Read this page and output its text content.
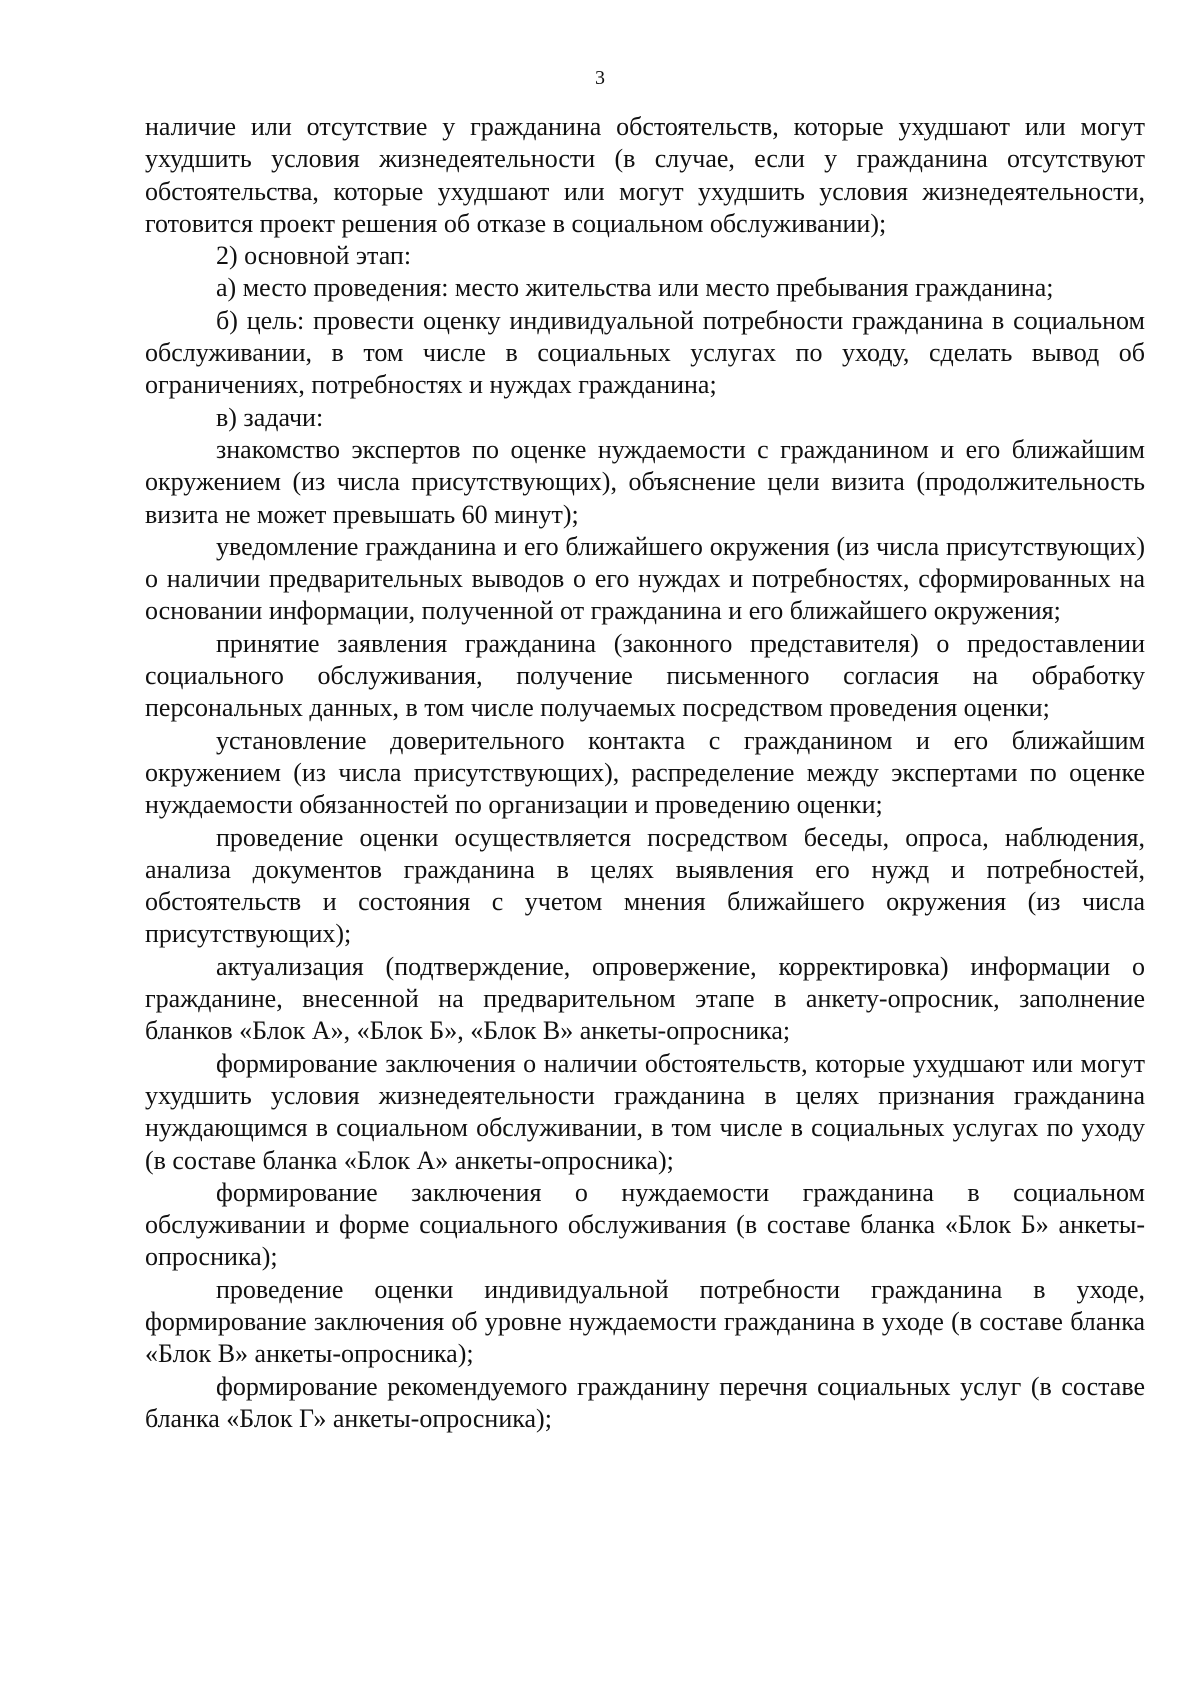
3

наличие или отсутствие у гражданина обстоятельств, которые ухудшают или могут ухудшить условия жизнедеятельности (в случае, если у гражданина отсутствуют обстоятельства, которые ухудшают или могут ухудшить условия жизнедеятельности, готовится проект решения об отказе в социальном обслуживании);

2) основной этап:

а) место проведения: место жительства или место пребывания гражданина;

б) цель: провести оценку индивидуальной потребности гражданина в социальном обслуживании, в том числе в социальных услугах по уходу, сделать вывод об ограничениях, потребностях и нуждах гражданина;

в) задачи:

знакомство экспертов по оценке нуждаемости с гражданином и его ближайшим окружением (из числа присутствующих), объяснение цели визита (продолжительность визита не может превышать 60 минут);

уведомление гражданина и его ближайшего окружения (из числа присутствующих) о наличии предварительных выводов о его нуждах и потребностях, сформированных на основании информации, полученной от гражданина и его ближайшего окружения;

принятие заявления гражданина (законного представителя) о предоставлении социального обслуживания, получение письменного согласия на обработку персональных данных, в том числе получаемых посредством проведения оценки;

установление доверительного контакта с гражданином и его ближайшим окружением (из числа присутствующих), распределение между экспертами по оценке нуждаемости обязанностей по организации и проведению оценки;

проведение оценки осуществляется посредством беседы, опроса, наблюдения, анализа документов гражданина в целях выявления его нужд и потребностей, обстоятельств и состояния с учетом мнения ближайшего окружения (из числа присутствующих);

актуализация (подтверждение, опровержение, корректировка) информации о гражданине, внесенной на предварительном этапе в анкету-опросник, заполнение бланков «Блок А», «Блок Б», «Блок В» анкеты-опросника;

формирование заключения о наличии обстоятельств, которые ухудшают или могут ухудшить условия жизнедеятельности гражданина в целях признания гражданина нуждающимся в социальном обслуживании, в том числе в социальных услугах по уходу (в составе бланка «Блок А» анкеты-опросника);

формирование заключения о нуждаемости гражданина в социальном обслуживании и форме социального обслуживания (в составе бланка «Блок Б» анкеты-опросника);

проведение оценки индивидуальной потребности гражданина в уходе, формирование заключения об уровне нуждаемости гражданина в уходе (в составе бланка «Блок В» анкеты-опросника);

формирование рекомендуемого гражданину перечня социальных услуг (в составе бланка «Блок Г» анкеты-опросника);
